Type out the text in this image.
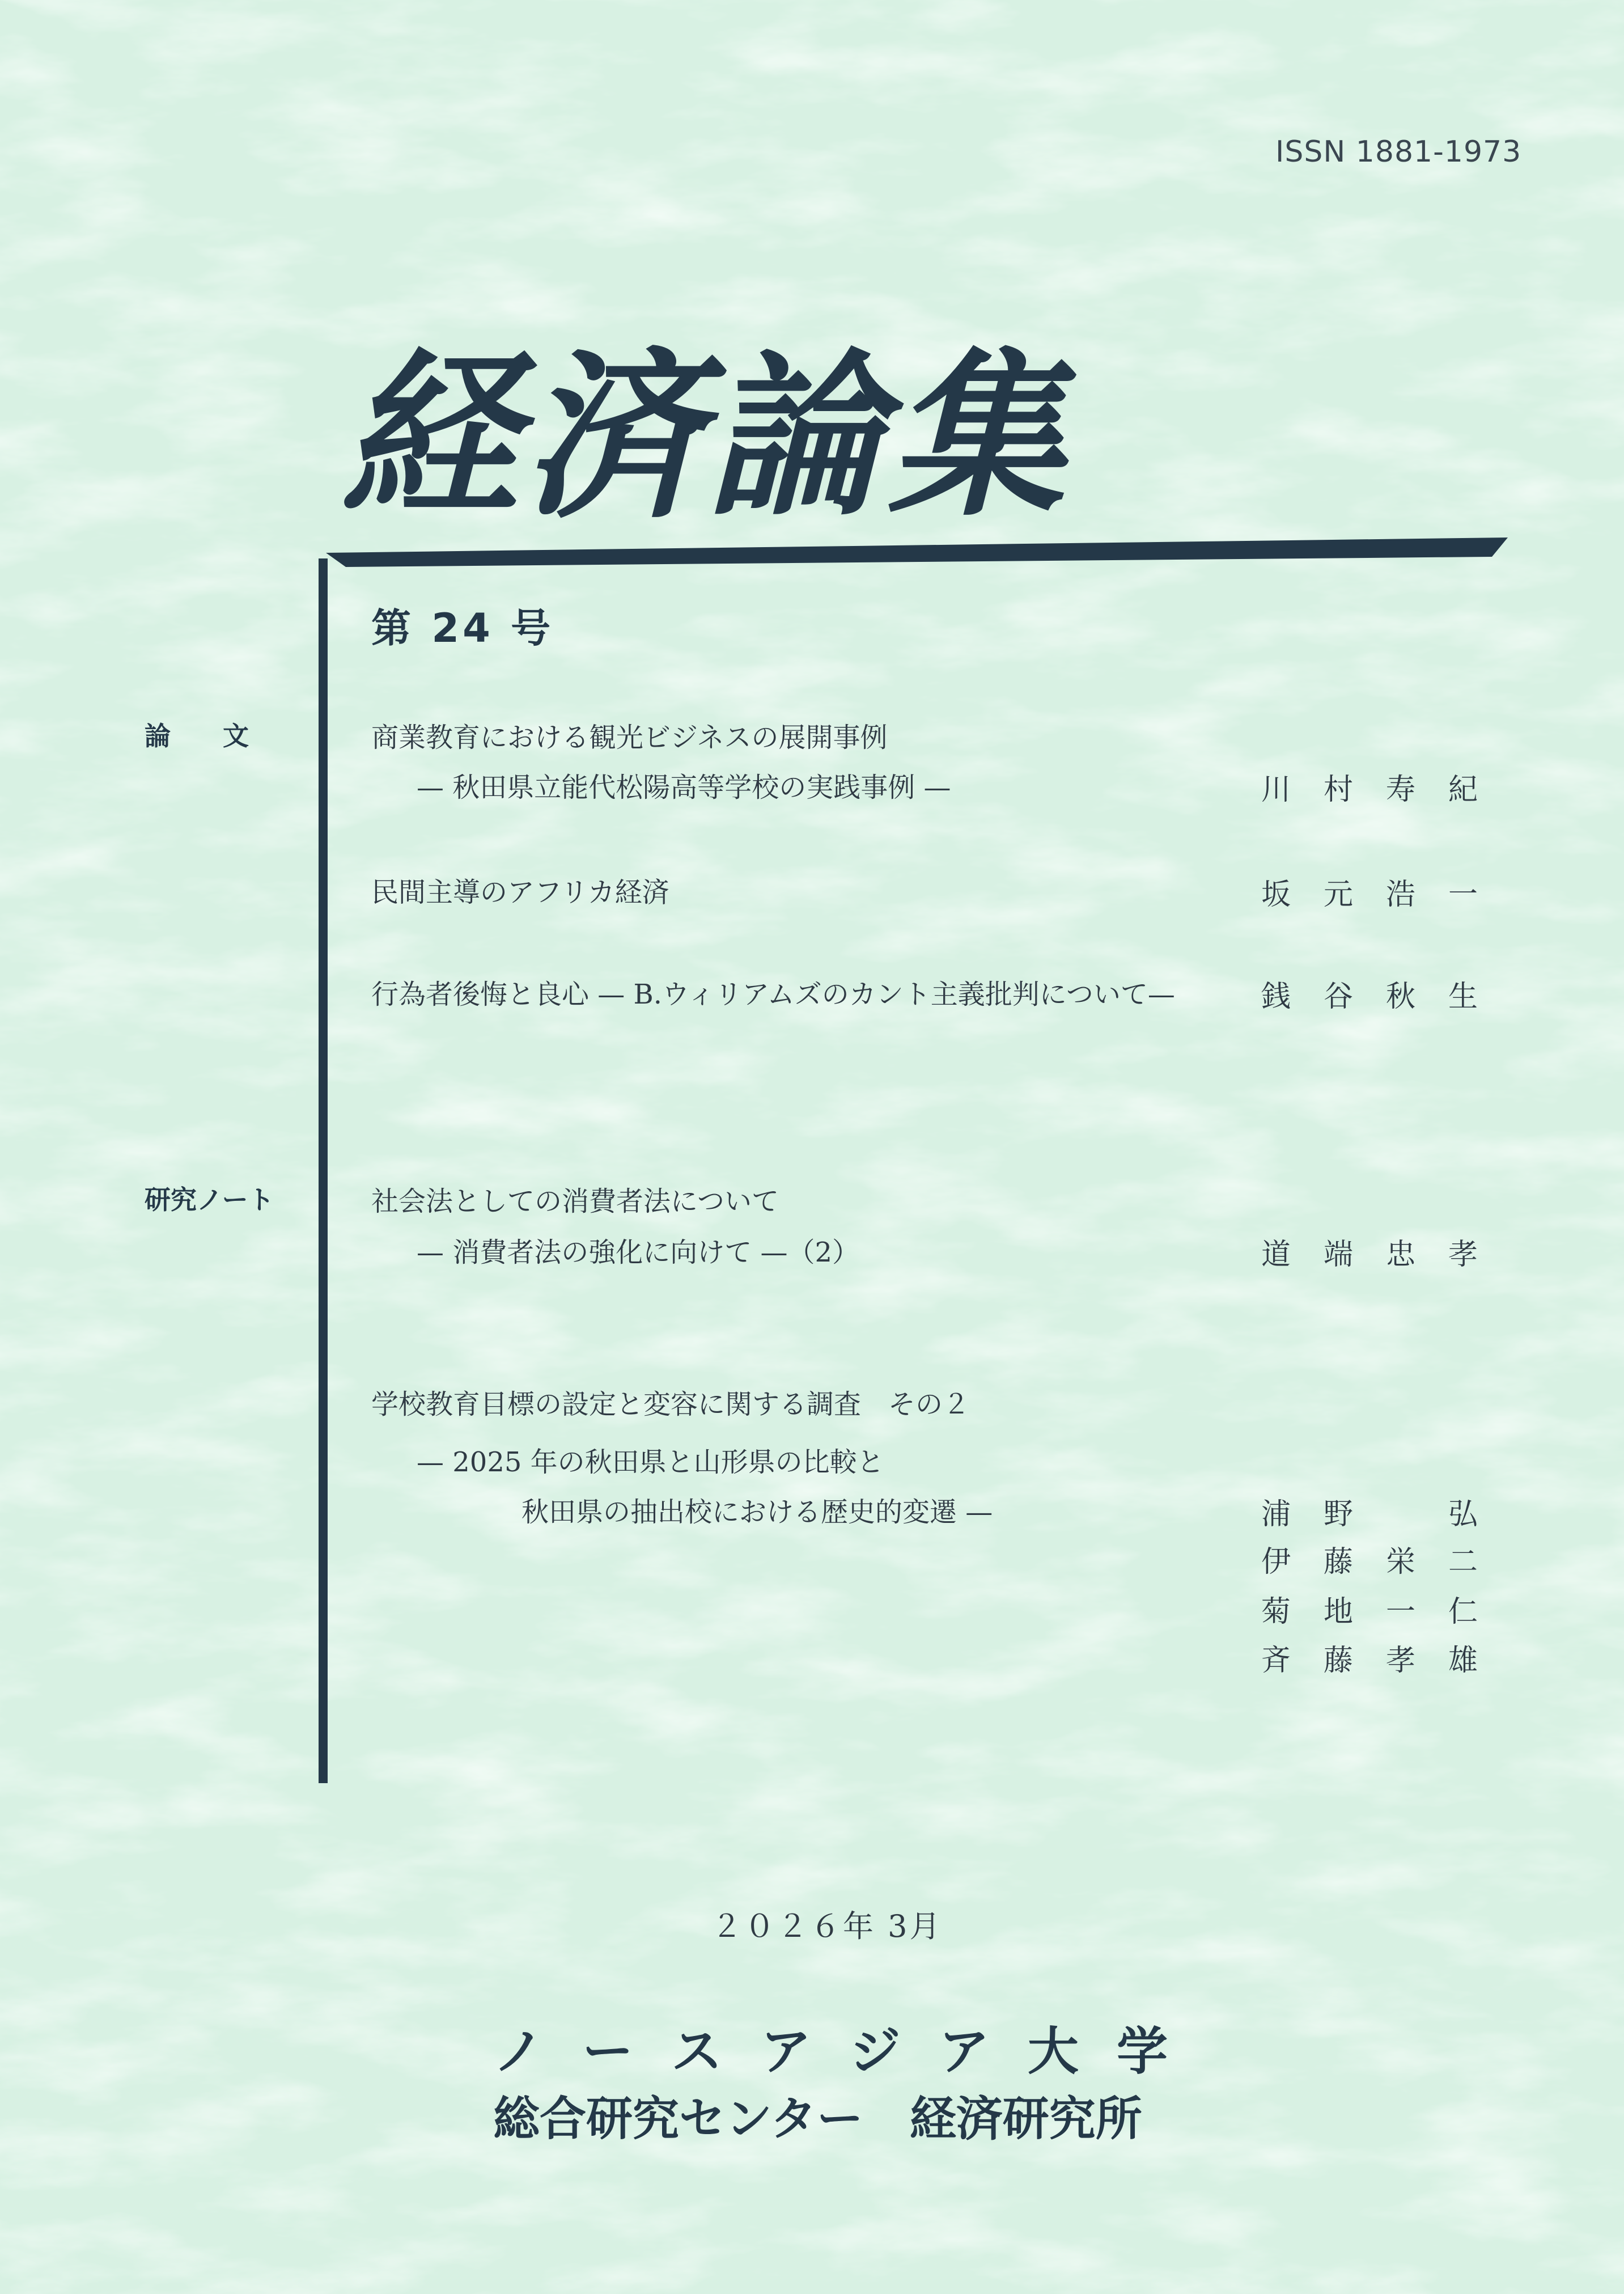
ISSN 1881-1973
経済論集
第 24 号
論　　文
研究ノート
商業教育における観光ビジネスの展開事例
— 秋田県立能代松陽高等学校の実践事例 —	川村寿紀
民間主導のアフリカ経済	坂元浩一
行為者後悔と良心 — B.ウィリアムズのカント主義批判について—	銭谷秋生
社会法としての消費者法について
— 消費者法の強化に向けて —（2）	道端忠孝
学校教育目標の設定と変容に関する調査　その２
— 2025 年の秋田県と山形県の比較と
秋田県の抽出校における歴史的変遷 —	浦野　弘
伊藤栄二
菊地一仁
斉藤孝雄
２０２６年 3月
ノ ー ス ア ジ ア 大 学
総合研究センター　経済研究所
